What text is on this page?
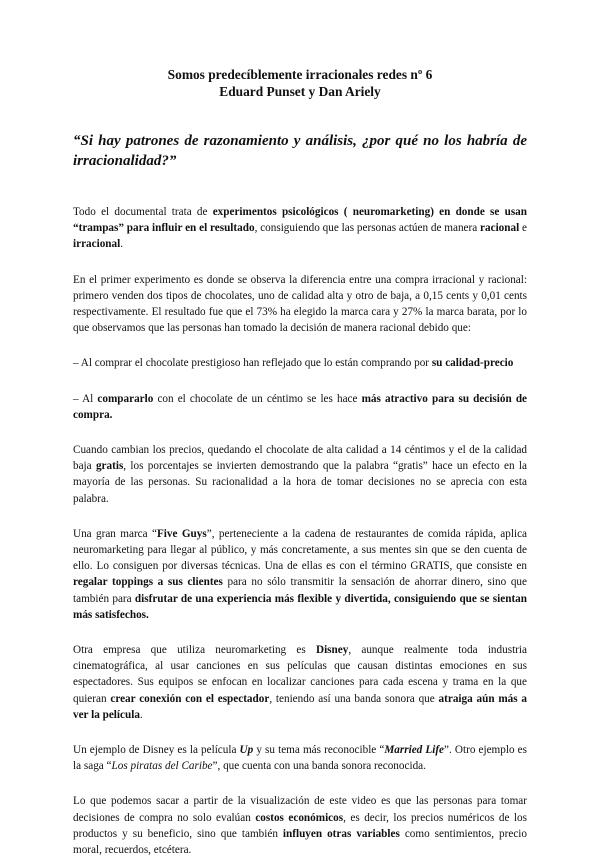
Somos predecíblemente irracionales redes nº 6
Eduard Punset y Dan Ariely
“Si hay patrones de razonamiento y análisis, ¿por qué no los habría de irracionalidad?”

Todo el documental trata de experimentos psicológicos ( neuromarketing) en donde se usan “trampas” para influir en el resultado, consiguiendo que las personas actúen de manera racional e irracional.

En el primer experimento es donde se observa la diferencia entre una compra irracional y racional: primero venden dos tipos de chocolates, uno de calidad alta y otro de baja, a 0,15 cents y 0,01 cents respectivamente. El resultado fue que el 73% ha elegido la marca cara y 27% la marca barata, por lo que observamos que las personas han tomado la decisión de manera racional debido que:

– Al comprar el chocolate prestigioso han reflejado que lo están comprando por su calidad-precio

– Al compararlo con el chocolate de un céntimo se les hace más atractivo para su decisión de compra.

Cuando cambian los precios, quedando el chocolate de alta calidad a 14 céntimos y el de la calidad baja gratis, los porcentajes se invierten demostrando que la palabra “gratis” hace un efecto en la mayoría de las personas. Su racionalidad a la hora de tomar decisiones no se aprecia con esta palabra.

Una gran marca “Five Guys”, perteneciente a la cadena de restaurantes de comida rápida, aplica neuromarketing para llegar al público, y más concretamente, a sus mentes sin que se den cuenta de ello. Lo consiguen por diversas técnicas. Una de ellas es con el término GRATIS, que consiste en regalar toppings a sus clientes para no sólo transmitir la sensación de ahorrar dinero, sino que también para disfrutar de una experiencia más flexible y divertida, consiguiendo que se sientan más satisfechos.

Otra empresa que utiliza neuromarketing es Disney, aunque realmente toda industria cinematográfica, al usar canciones en sus películas que causan distintas emociones en sus espectadores. Sus equipos se enfocan en localizar canciones para cada escena y trama en la que quieran crear conexión con el espectador, teniendo así una banda sonora que atraiga aún más a ver la película.

Un ejemplo de Disney es la película Up y su tema más reconocible “Married Life”. Otro ejemplo es la saga “Los piratas del Caribe”, que cuenta con una banda sonora reconocida.

Lo que podemos sacar a partir de la visualización de este video es que las personas para tomar decisiones de compra no solo evalúan costos económicos, es decir, los precios numéricos de los productos y su beneficio, sino que también influyen otras variables como sentimientos, precio moral, recuerdos, etcétera.
